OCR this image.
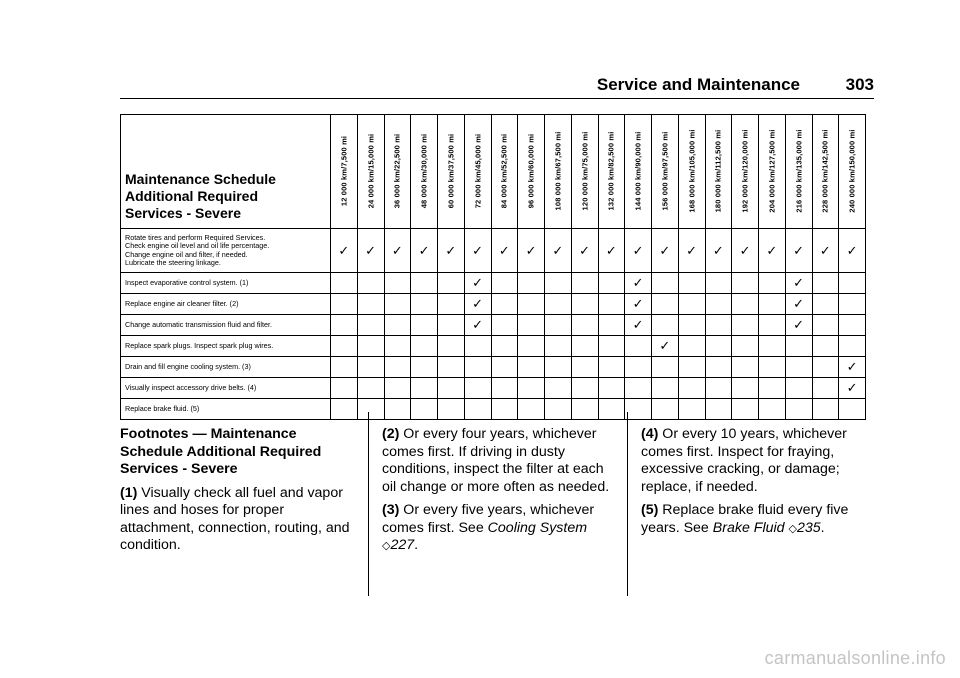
Service and Maintenance	303
Maintenance Schedule
Additional Required
Services - Severe	12 000 km/7,500 mi	24 000 km/15,000 mi	36 000 km/22,500 mi	48 000 km/30,000 mi	60 000 km/37,500 mi	72 000 km/45,000 mi	84 000 km/52,500 mi	96 000 km/60,000 mi	108 000 km/67,500 mi	120 000 km/75,000 mi	132 000 km/82,500 mi	144 000 km/90,000 mi	156 000 km/97,500 mi	168 000 km/105,000 mi	180 000 km/112,500 mi	192 000 km/120,000 mi	204 000 km/127,500 mi	216 000 km/135,000 mi	228 000 km/142,500 mi	240 000 km/150,000 mi

Rotate tires and perform Required Services.
Check engine oil level and oil life percentage.
Change engine oil and filter, if needed.
Lubricate the steering linkage.	✓	✓	✓	✓	✓	✓	✓	✓	✓	✓	✓	✓	✓	✓	✓	✓	✓	✓	✓	✓

Inspect evaporative control system. (1)						✓						✓						✓		

Replace engine air cleaner filter. (2)						✓						✓						✓		

Change automatic transmission fluid and filter.						✓						✓						✓		

Replace spark plugs. Inspect spark plug wires.													✓							

Drain and fill engine cooling system. (3)																				✓

Visually inspect accessory drive belts. (4)																				✓

Replace brake fluid. (5)																				

Footnotes — Maintenance Schedule Additional Required Services - Severe

(1) Visually check all fuel and vapor lines and hoses for proper attachment, connection, routing, and condition.

(2) Or every four years, whichever comes first. If driving in dusty conditions, inspect the filter at each oil change or more often as needed.

(3) Or every five years, whichever comes first. See Cooling System ◇227.

(4) Or every 10 years, whichever comes first. Inspect for fraying, excessive cracking, or damage; replace, if needed.

(5) Replace brake fluid every five years. See Brake Fluid ◇235.

carmanualsonline.info
